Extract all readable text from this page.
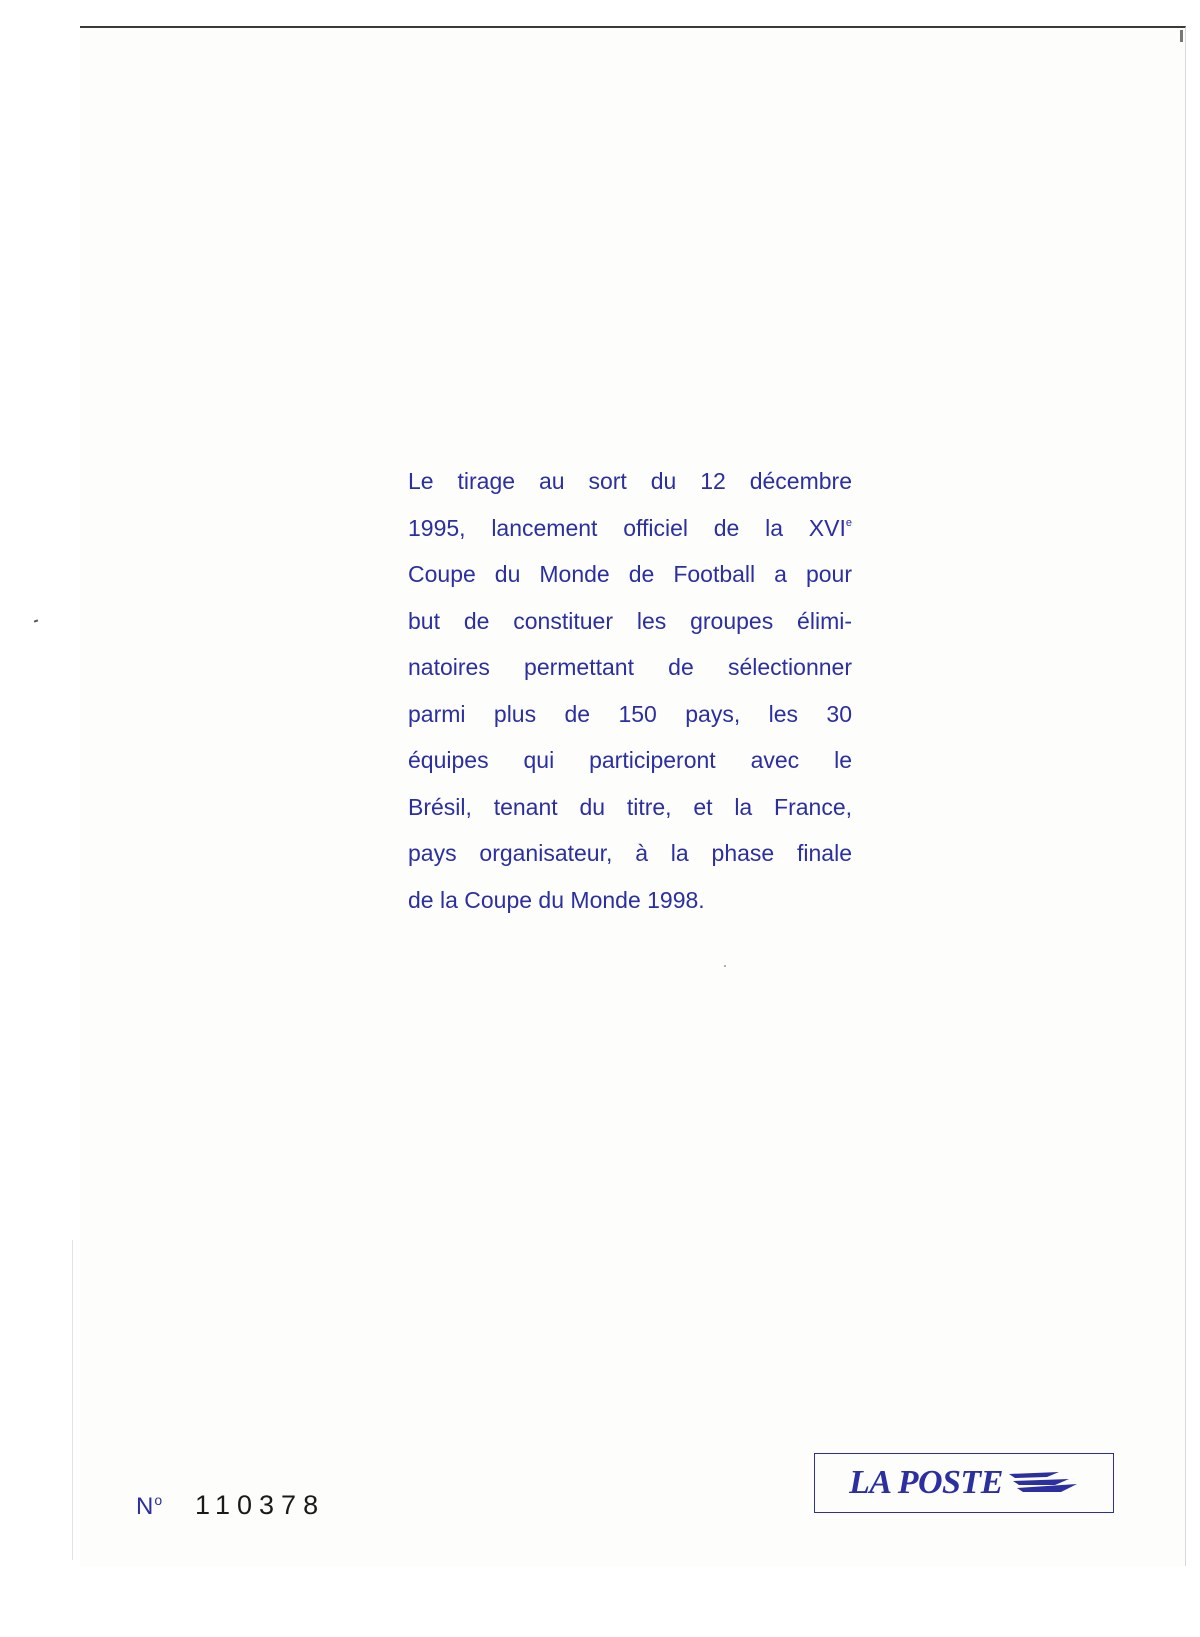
Le tirage au sort du 12 décembre
1995, lancement officiel de la XVIe
Coupe du Monde de Football a pour
but de constituer les groupes élimi-
natoires permettant de sélectionner
parmi plus de 150 pays, les 30
équipes qui participeront avec le
Brésil, tenant du titre, et la France,
pays organisateur, à la phase finale
de la Coupe du Monde 1998.
$N^o$ 110378
LA POSTE
